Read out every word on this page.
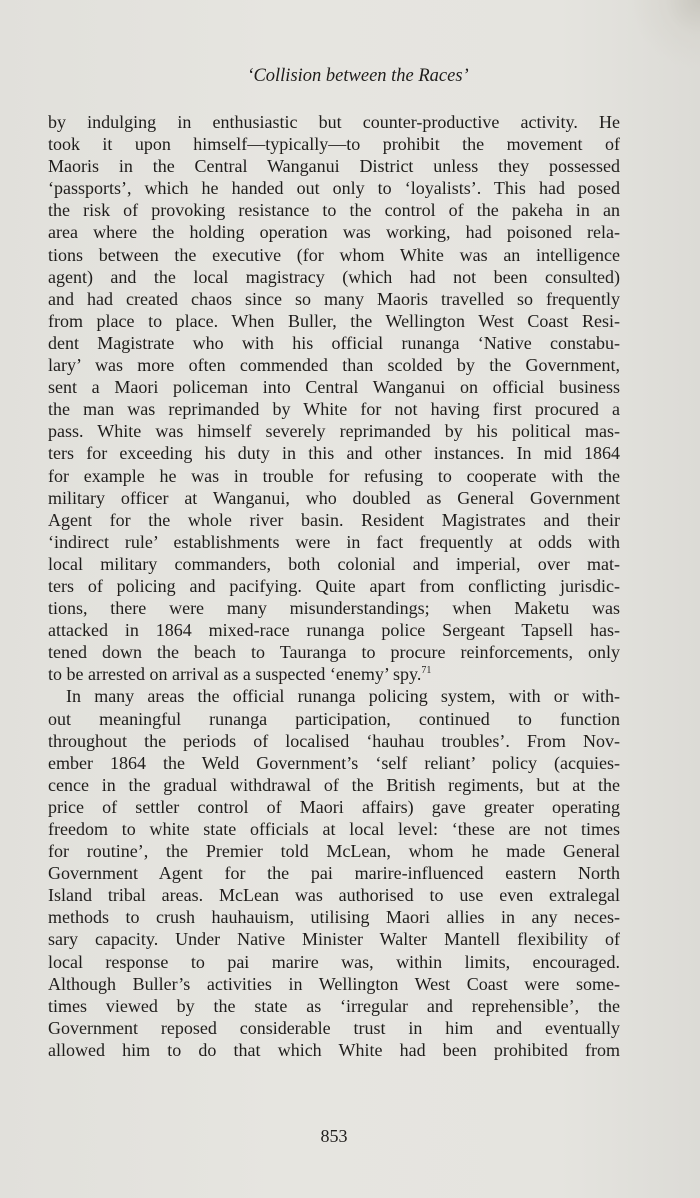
‘Collision between the Races’

by indulging in enthusiastic but counter-productive activity. He
took it upon himself—typically—to prohibit the movement of
Maoris in the Central Wanganui District unless they possessed
‘passports’, which he handed out only to ‘loyalists’. This had posed
the risk of provoking resistance to the control of the pakeha in an
area where the holding operation was working, had poisoned rela-
tions between the executive (for whom White was an intelligence
agent) and the local magistracy (which had not been consulted)
and had created chaos since so many Maoris travelled so frequently
from place to place. When Buller, the Wellington West Coast Resi-
dent Magistrate who with his official runanga ‘Native constabu-
lary’ was more often commended than scolded by the Government,
sent a Maori policeman into Central Wanganui on official business
the man was reprimanded by White for not having first procured a
pass. White was himself severely reprimanded by his political mas-
ters for exceeding his duty in this and other instances. In mid 1864
for example he was in trouble for refusing to cooperate with the
military officer at Wanganui, who doubled as General Government
Agent for the whole river basin. Resident Magistrates and their
‘indirect rule’ establishments were in fact frequently at odds with
local military commanders, both colonial and imperial, over mat-
ters of policing and pacifying. Quite apart from conflicting jurisdic-
tions, there were many misunderstandings; when Maketu was
attacked in 1864 mixed-race runanga police Sergeant Tapsell has-
tened down the beach to Tauranga to procure reinforcements, only
to be arrested on arrival as a suspected ‘enemy’ spy.$^{71}$
In many areas the official runanga policing system, with or with-
out meaningful runanga participation, continued to function
throughout the periods of localised ‘hauhau troubles’. From Nov-
ember 1864 the Weld Government’s ‘self reliant’ policy (acquies-
cence in the gradual withdrawal of the British regiments, but at the
price of settler control of Maori affairs) gave greater operating
freedom to white state officials at local level: ‘these are not times
for routine’, the Premier told McLean, whom he made General
Government Agent for the pai marire-influenced eastern North
Island tribal areas. McLean was authorised to use even extralegal
methods to crush hauhauism, utilising Maori allies in any neces-
sary capacity. Under Native Minister Walter Mantell flexibility of
local response to pai marire was, within limits, encouraged.
Although Buller’s activities in Wellington West Coast were some-
times viewed by the state as ‘irregular and reprehensible’, the
Government reposed considerable trust in him and eventually
allowed him to do that which White had been prohibited from

853
